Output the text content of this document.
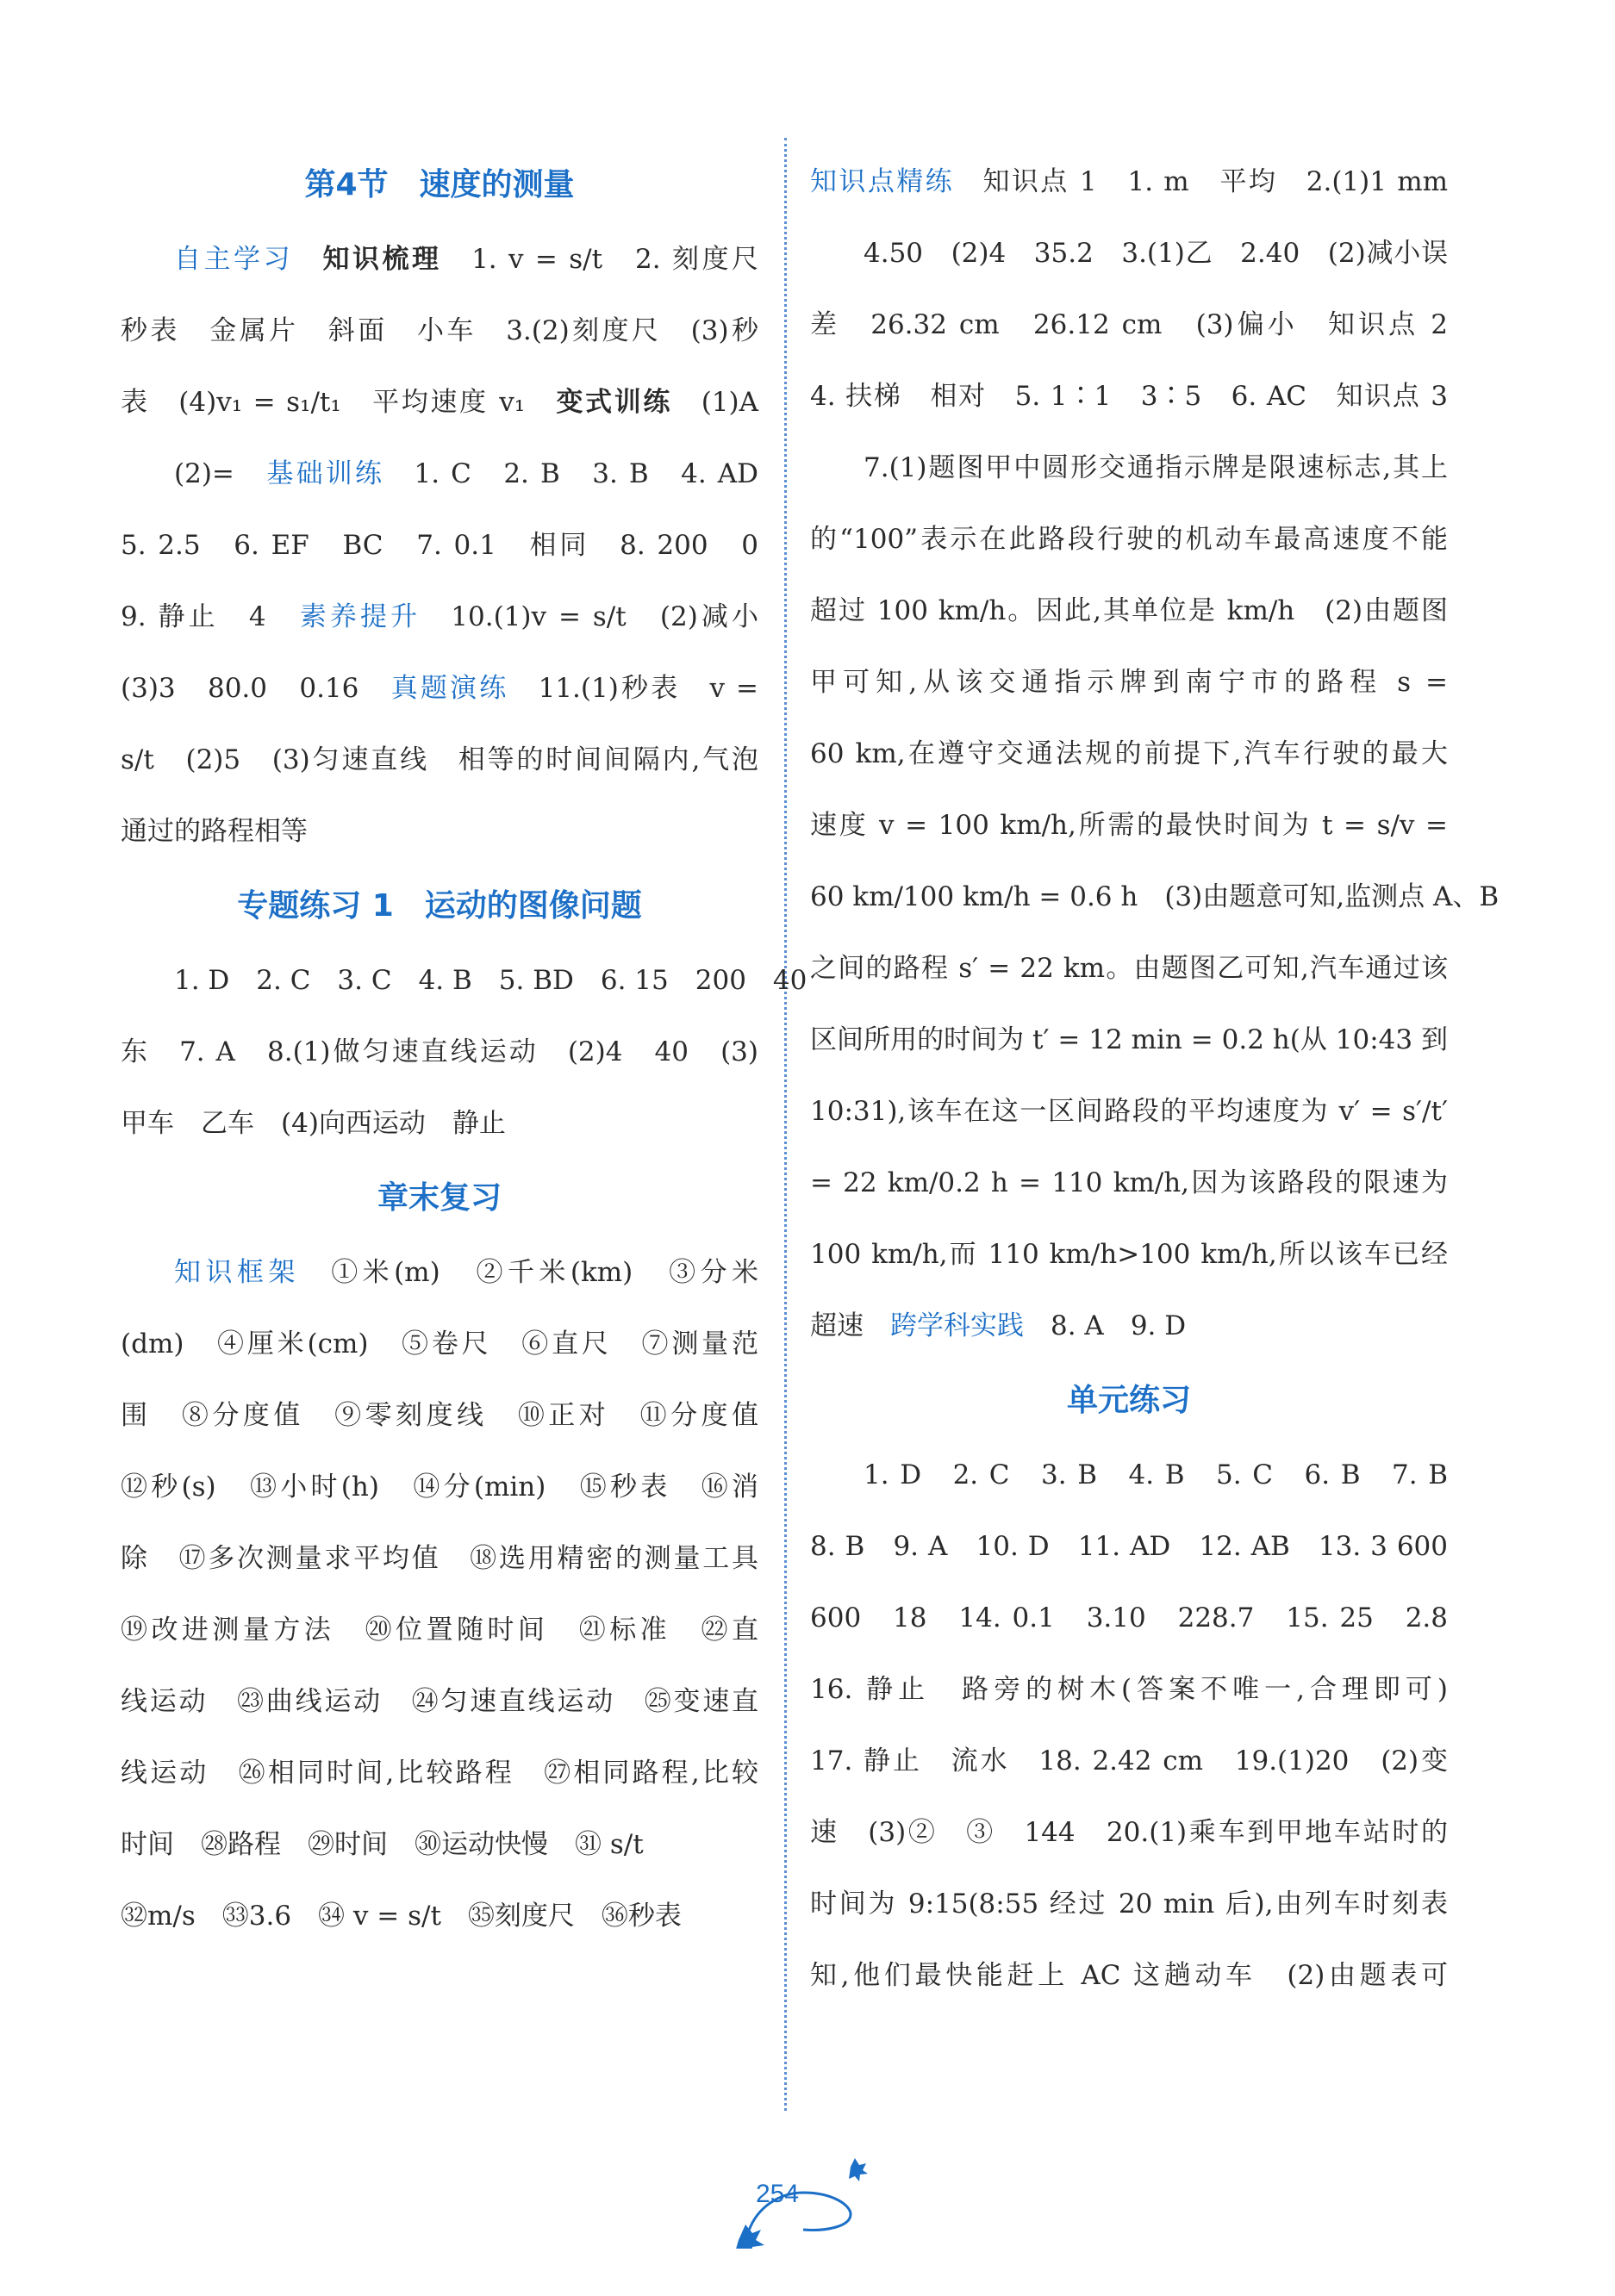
第4节　速度的测量

自主学习　知识梳理　1. v = s/t　2. 刻度尺

秒表　金属片　斜面　小车　3.(2)刻度尺　(3)秒

表　(4)v₁ = s₁/t₁　平均速度 v₁　变式训练　(1)A

(2)=　基础训练　1. C　2. B　3. B　4. AD

5. 2.5　6. EF　BC　7. 0.1　相同　8. 200　0

9. 静止　4　素养提升　10.(1)v = s/t　(2)减小

(3)3　80.0　0.16　真题演练　11.(1)秒表　v =

s/t　(2)5　(3)匀速直线　相等的时间间隔内,气泡

通过的路程相等

专题练习 1　运动的图像问题

1. D　2. C　3. C　4. B　5. BD　6. 15　200　40

东　7. A　8.(1)做匀速直线运动　(2)4　40　(3)

甲车　乙车　(4)向西运动　静止

章末复习

知识框架　①米(m)　②千米(km)　③分米

(dm)　④厘米(cm)　⑤卷尺　⑥直尺　⑦测量范

围　⑧分度值　⑨零刻度线　⑩正对　⑪分度值

⑫秒(s)　⑬小时(h)　⑭分(min)　⑮秒表　⑯消

除　⑰多次测量求平均值　⑱选用精密的测量工具

⑲改进测量方法　⑳位置随时间　㉑标准　㉒直

线运动　㉓曲线运动　㉔匀速直线运动　㉕变速直

线运动　㉖相同时间,比较路程　㉗相同路程,比较

时间　㉘路程　㉙时间　㉚运动快慢　㉛ s/t

㉜m/s　㉝3.6　㉞ v = s/t　㉟刻度尺　㊱秒表

知识点精练　知识点 1　1. m　平均　2.(1)1 mm

4.50　(2)4　35.2　3.(1)乙　2.40　(2)减小误

差　26.32 cm　26.12 cm　(3)偏小　知识点 2

4. 扶梯　相对　5. 1∶1　3∶5　6. AC　知识点 3

7.(1)题图甲中圆形交通指示牌是限速标志,其上

的“100”表示在此路段行驶的机动车最高速度不能

超过 100 km/h。因此,其单位是 km/h　(2)由题图

甲可知,从该交通指示牌到南宁市的路程 s =

60 km,在遵守交通法规的前提下,汽车行驶的最大

速度 v = 100 km/h,所需的最快时间为 t = s/v =

60 km/100 km/h = 0.6 h　(3)由题意可知,监测点 A、B

之间的路程 s′ = 22 km。由题图乙可知,汽车通过该

区间所用的时间为 t′ = 12 min = 0.2 h(从 10:43 到

10:31),该车在这一区间路段的平均速度为 v′ = s′/t′

= 22 km/0.2 h = 110 km/h,因为该路段的限速为

100 km/h,而 110 km/h>100 km/h,所以该车已经

超速　跨学科实践　8. A　9. D

单元练习

1. D　2. C　3. B　4. B　5. C　6. B　7. B

8. B　9. A　10. D　11. AD　12. AB　13. 3 600

600　18　14. 0.1　3.10　228.7　15. 25　2.8

16. 静止　路旁的树木(答案不唯一,合理即可)

17. 静止　流水　18. 2.42 cm　19.(1)20　(2)变

速　(3)②　③　144　20.(1)乘车到甲地车站时的

时间为 9:15(8:55 经过 20 min 后),由列车时刻表

知,他们最快能赶上 AC 这趟动车　(2)由题表可

254
